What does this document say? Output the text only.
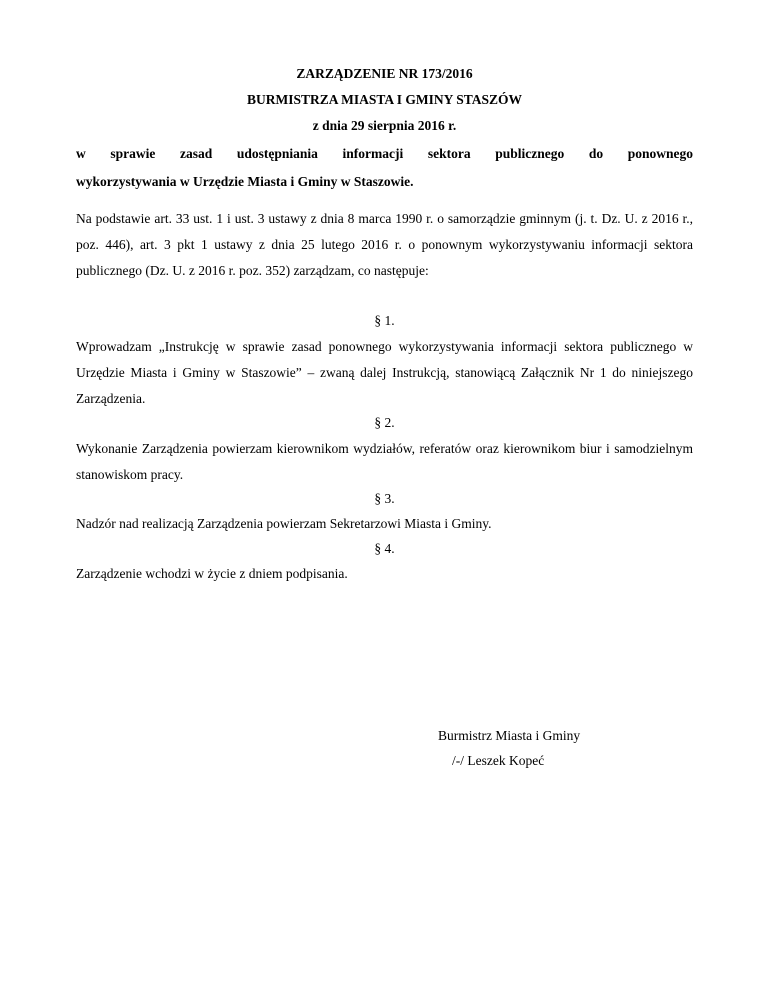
ZARZĄDZENIE NR 173/2016
BURMISTRZA MIASTA I GMINY STASZÓW
z dnia 29 sierpnia 2016 r.
w sprawie zasad udostępniania informacji sektora publicznego do ponownego
wykorzystywania w Urzędzie Miasta i Gminy w Staszowie.

Na podstawie art. 33 ust. 1 i ust. 3 ustawy z dnia 8 marca 1990 r. o samorządzie gminnym (j. t. Dz. U. z 2016 r., poz. 446), art. 3 pkt 1 ustawy z dnia 25 lutego 2016 r. o ponownym wykorzystywaniu informacji sektora publicznego (Dz. U. z 2016 r. poz. 352) zarządzam, co następuje:

§ 1.

Wprowadzam „Instrukcję w sprawie zasad ponownego wykorzystywania informacji sektora publicznego w Urzędzie Miasta i Gminy w Staszowie” – zwaną dalej Instrukcją, stanowiącą Załącznik Nr 1 do niniejszego Zarządzenia.

§ 2.

Wykonanie Zarządzenia powierzam kierownikom wydziałów, referatów oraz kierownikom biur i samodzielnym stanowiskom pracy.

§ 3.

Nadzór nad realizacją Zarządzenia powierzam Sekretarzowi Miasta i Gminy.

§ 4.

Zarządzenie wchodzi w życie z dniem podpisania.

Burmistrz Miasta i Gminy
/-/ Leszek Kopeć
